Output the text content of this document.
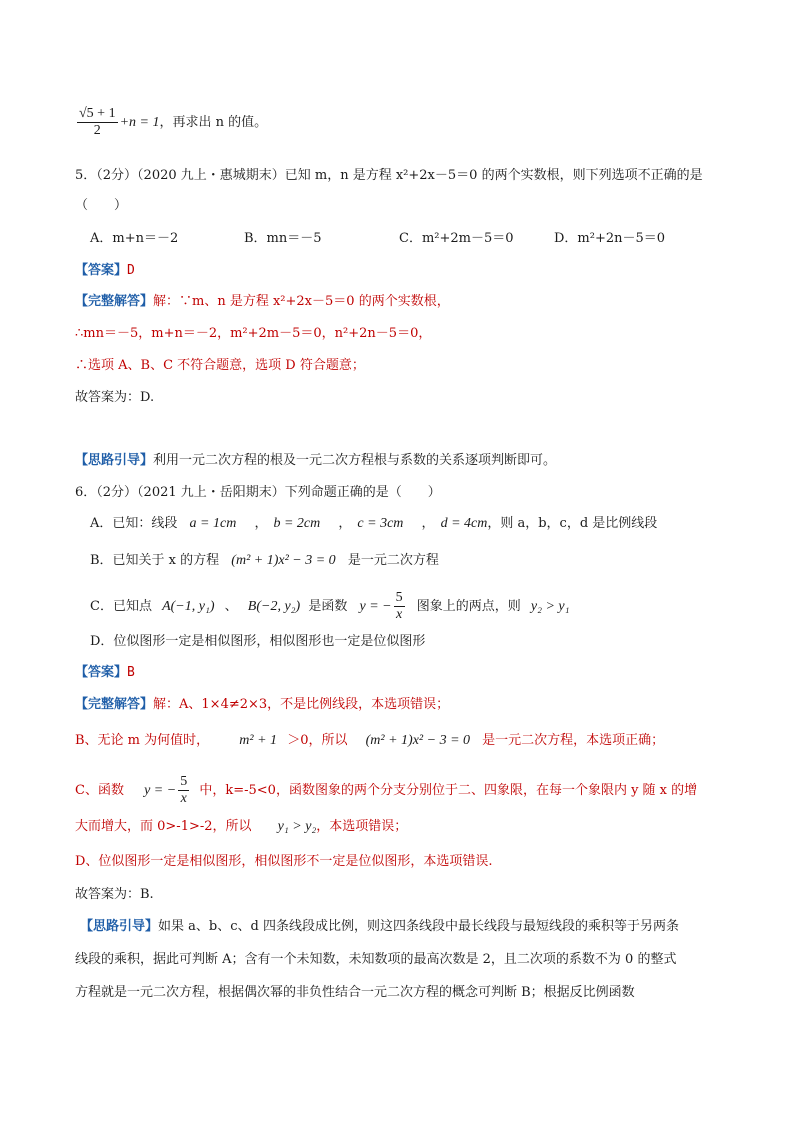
$\frac{√5 + 1}{2} +n = 1$，再求出 n 的值。
5．（2分）（2020 九上・惠城期末）已知 m，n 是方程 x²+2x－5＝0 的两个实数根，则下列选项不正确的是
（　　）
A．m+n＝－2	B．mn＝－5	C．m²+2m－5＝0	D．m²+2n－5＝0
【答案】D
【完整解答】解：∵m、n 是方程 x²+2x－5＝0 的两个实数根，
∴mn＝－5，m+n＝－2，m²+2m－5＝0，n²+2n－5＝0，
∴选项 A、B、C 不符合题意，选项 D 符合题意；
故答案为：D.
【思路引导】利用一元二次方程的根及一元二次方程根与系数的关系逐项判断即可。
6．（2分）（2021 九上・岳阳期末）下列命题正确的是（　　）
A．已知：线段 a = 1cm ， b = 2cm ， c = 3cm ， d = 4cm，则 a，b，c，d 是比例线段
B．已知关于 x 的方程 (m² + 1)x² − 3 = 0 是一元二次方程
C．已知点 A(−1, y₁) 、 B(−2, y₂) 是函数 y = − $\frac{5}{x}$ 图象上的两点，则 y₂ > y₁
D．位似图形一定是相似图形，相似图形也一定是位似图形
【答案】B
【完整解答】解：A、1×4≠2×3，不是比例线段，本选项错误；
B、无论 m 为何值时， m² + 1 ＞0，所以 (m² + 1)x² − 3 = 0 是一元二次方程，本选项正确；
C、函数 y = − $\frac{5}{x}$ 中，k=-5<0，函数图象的两个分支分别位于二、四象限，在每一个象限内 y 随 x 的增
大而增大，而 0>-1>-2，所以 y₁ > y₂，本选项错误；
D、位似图形一定是相似图形，相似图形不一定是位似图形，本选项错误.
故答案为：B.
【思路引导】如果 a、b、c、d 四条线段成比例，则这四条线段中最长线段与最短线段的乘积等于另两条
线段的乘积，据此可判断 A；含有一个未知数，未知数项的最高次数是 2，且二次项的系数不为 0 的整式
方程就是一元二次方程，根据偶次幂的非负性结合一元二次方程的概念可判断 B；根据反比例函数
